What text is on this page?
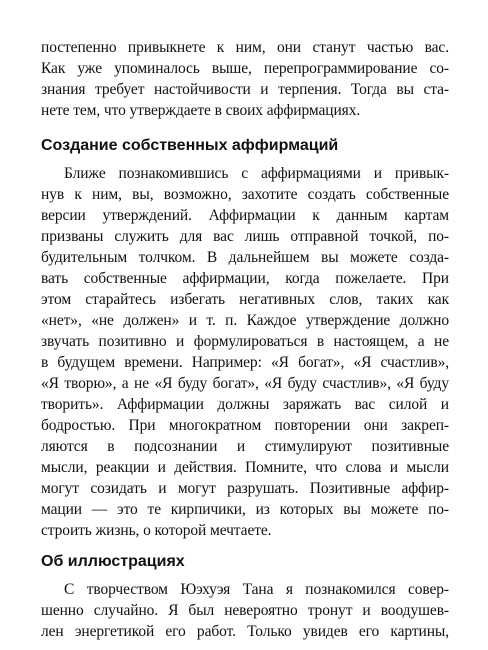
постепенно привыкнете к ним, они станут частью вас.
Как уже упоминалось выше, перепрограммирование со-
знания требует настойчивости и терпения. Тогда вы ста-
нете тем, что утверждаете в своих аффирмациях.
Создание собственных аффирмаций
Ближе познакомившись с аффирмациями и привык-
нув к ним, вы, возможно, захотите создать собственные
версии утверждений. Аффирмации к данным картам
призваны служить для вас лишь отправной точкой, по-
будительным толчком. В дальнейшем вы можете созда-
вать собственные аффирмации, когда пожелаете. При
этом старайтесь избегать негативных слов, таких как
«нет», «не должен» и т. п. Каждое утверждение должно
звучать позитивно и формулироваться в настоящем, а не
в будущем времени. Например: «Я богат», «Я счастлив»,
«Я творю», а не «Я буду богат», «Я буду счастлив», «Я буду
творить». Аффирмации должны заряжать вас силой и
бодростью. При многократном повторении они закреп-
ляются в подсознании и стимулируют позитивные
мысли, реакции и действия. Помните, что слова и мысли
могут созидать и могут разрушать. Позитивные аффир-
мации — это те кирпичики, из которых вы можете по-
строить жизнь, о которой мечтаете.
Об иллюстрациях
С творчеством Юэхуэя Тана я познакомился совер-
шенно случайно. Я был невероятно тронут и воодушев-
лен энергетикой его работ. Только увидев его картины,
